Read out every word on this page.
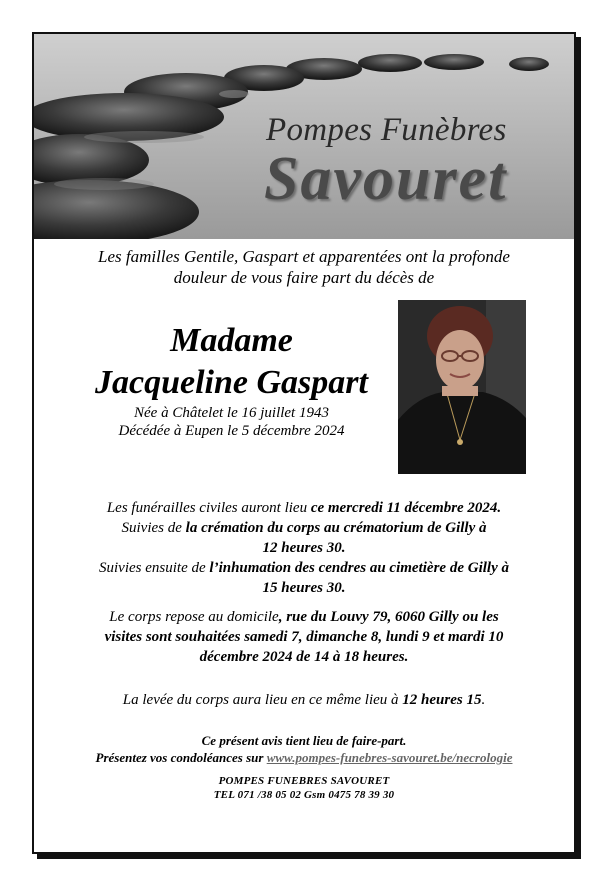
Pompes Funèbres
Savouret
Les familles Gentile, Gaspart et apparentées ont la profonde
douleur de vous faire part du décès de

Madame

Jacqueline Gaspart

Née à Châtelet le 16 juillet 1943
Décédée à Eupen le 5 décembre 2024
Les funérailles civiles auront lieu ce mercredi 11 décembre 2024.
Suivies de la crémation du corps au crématorium de Gilly à
12 heures 30.
Suivies ensuite de l’inhumation des cendres au cimetière de Gilly à
15 heures 30.
Le corps repose au domicile, rue du Louvy 79, 6060 Gilly ou les
visites sont souhaitées samedi 7, dimanche 8, lundi 9 et mardi 10
décembre 2024 de 14 à 18 heures.
La levée du corps aura lieu en ce même lieu à 12 heures 15.
Ce présent avis tient lieu de faire-part.
Présentez vos condoléances sur www.pompes-funebres-savouret.be/necrologie
POMPES FUNEBRES SAVOURET
TEL 071 /38 05 02 Gsm 0475 78 39 30
